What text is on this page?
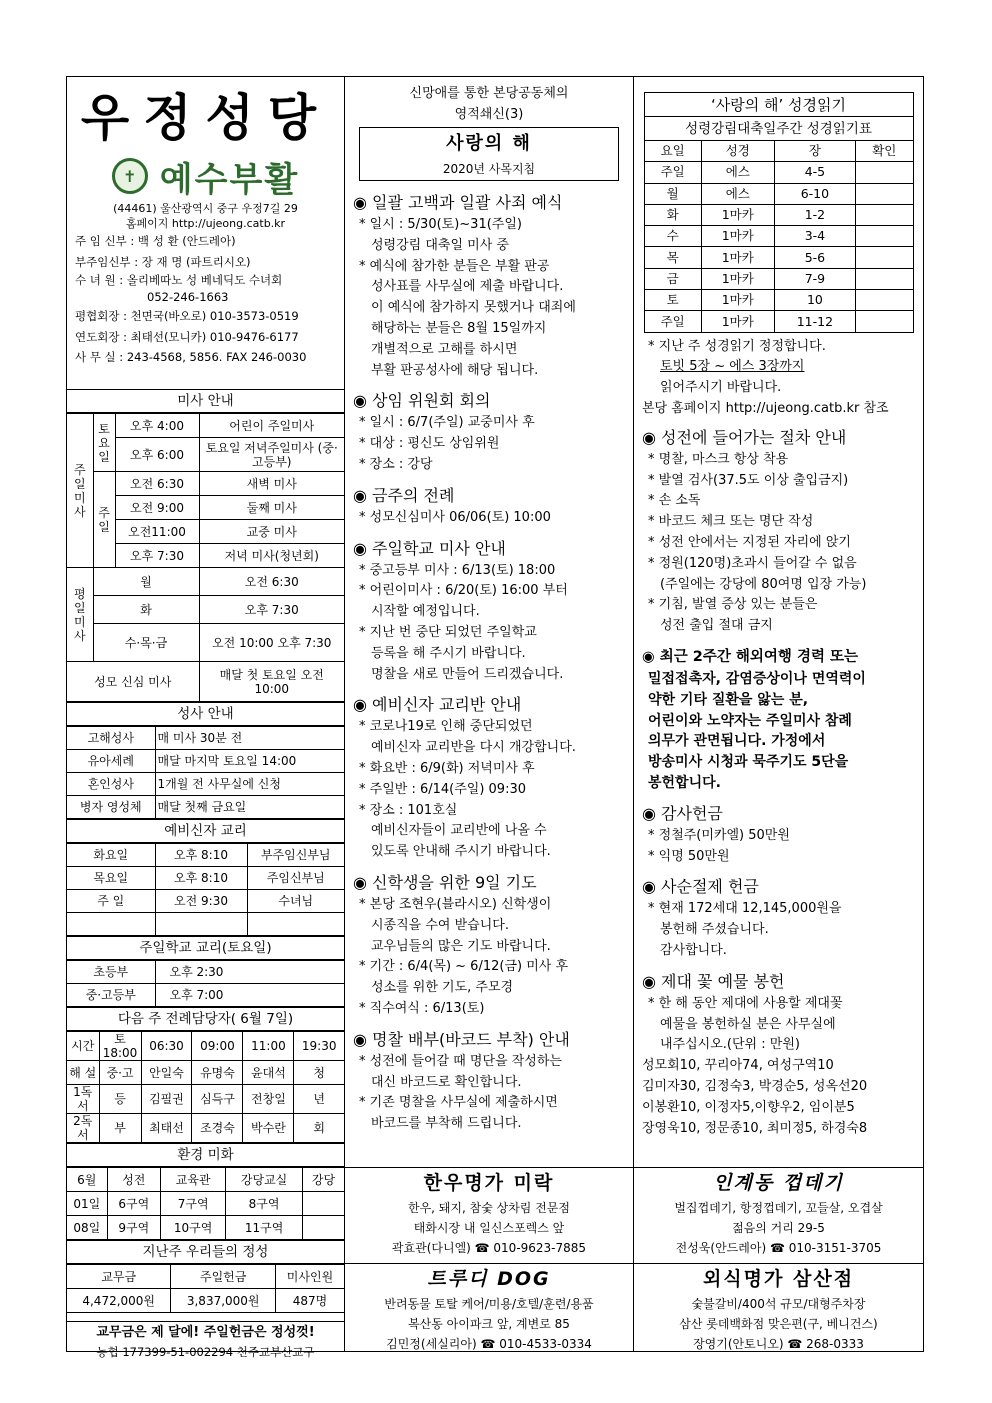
우정성당
✝ 예수부활
(44461) 울산광역시 중구 우정7길 29
홈페이지 http://ujeong.catb.kr
주 임 신부 : 백 성 환 (안드레아)
부주임신부 : 장 재 명 (파트리시오)
수 녀 원 : 올리베따노 성 베네딕도 수녀회
052-246-1663
평협회장 : 천면국(바오로) 010-3573-0519
연도회장 : 최태선(모니카) 010-9476-6177
사 무 실 : 243-4568, 5856. FAX 246-0030
미사 안내
주일미사	토요일	오후 4:00	어린이 주일미사
		오후 6:00	토요일 저녁주일미사 (중·고등부)
	주일	오전 6:30	새벽 미사
		오전 9:00	둘째 미사
		오전11:00	교중 미사
		오후 7:30	저녁 미사(청년회)
평일미사	월		오전 6:30
	화		오후 7:30
	수·목·금		오전 10:00 오후 7:30
성모 신심 미사			매달 첫 토요일 오전 10:00
성사 안내
고해성사	매 미사 30분 전
유아세례	매달 마지막 토요일 14:00
혼인성사	1개월 전 사무실에 신청
병자 영성체	매달 첫째 금요일
예비신자 교리
화요일	오후 8:10	부주임신부님
목요일	오후 8:10	주임신부님
주 일	오전 9:30	수녀님

주일학교 교리(토요일)
초등부	오후 2:30
중·고등부	오후 7:00
다음 주 전례담당자( 6월 7일)
시간	토18:00	06:30	09:00	11:00	19:30
해 설	중·고	안일숙	유명숙	윤대석	청
1독서	등	김필권	심득구	전창일	년
2독서	부	최태선	조경숙	박수란	회
환경 미화
6월	성전	교육관	강당교실	강당
01일	6구역	7구역	8구역	
08일	9구역	10구역	11구역	
지난주 우리들의 정성
교무금	주일헌금	미사인원
4,472,000원	3,837,000원	487명
교무금은 제 달에! 주일헌금은 정성껏!
농협 177399-51-002294 천주교부산교구
신망애를 통한 본당공동체의
영적쇄신(3)
사랑의 해
2020년 사목지침
◉ 일괄 고백과 일괄 사죄 예식
* 일시 : 5/30(토)~31(주일)
성령강림 대축일 미사 중
* 예식에 참가한 분들은 부활 판공
성사표를 사무실에 제출 바랍니다.
이 예식에 참가하지 못했거나 대죄에
해당하는 분들은 8월 15일까지
개별적으로 고해를 하시면
부활 판공성사에 해당 됩니다.
◉ 상임 위원회 회의
* 일시 : 6/7(주일) 교중미사 후
* 대상 : 평신도 상임위원
* 장소 : 강당
◉ 금주의 전례
* 성모신심미사 06/06(토) 10:00
◉ 주일학교 미사 안내
* 중고등부 미사 : 6/13(토) 18:00
* 어린이미사 : 6/20(토) 16:00 부터
시작할 예정입니다.
* 지난 번 중단 되었던 주일학교
등록을 해 주시기 바랍니다.
명찰을 새로 만들어 드리겠습니다.
◉ 예비신자 교리반 안내
* 코로나19로 인해 중단되었던
예비신자 교리반을 다시 개강합니다.
* 화요반 : 6/9(화) 저녁미사 후
* 주일반 : 6/14(주일) 09:30
* 장소 : 101호실
예비신자들이 교리반에 나올 수
있도록 안내해 주시기 바랍니다.
◉ 신학생을 위한 9일 기도
* 본당 조현우(블라시오) 신학생이
시종직을 수여 받습니다.
교우님들의 많은 기도 바랍니다.
* 기간 : 6/4(목) ~ 6/12(금) 미사 후
성소를 위한 기도, 주모경
* 직수여식 : 6/13(토)
◉ 명찰 배부(바코드 부착) 안내
* 성전에 들어갈 때 명단을 작성하는
대신 바코드로 확인합니다.
* 기존 명찰을 사무실에 제출하시면
바코드를 부착해 드립니다.
한우명가 미락
한우, 돼지, 참숯 상차림 전문점
태화시장 내 일신스포렉스 앞
곽효관(다니엘) ☎ 010-9623-7885
트루디 DOG
반려동물 토탈 케어/미용/호텔/훈련/용품
복산동 아이파크 앞, 계변로 85
김민정(세실리아) ☎ 010-4533-0334
‘사랑의 해’ 성경읽기			
성령강림대축일주간 성경읽기표			
요일	성경	장	확인
주일	에스	4-5	
월	에스	6-10	
화	1마카	1-2	
수	1마카	3-4	
목	1마카	5-6	
금	1마카	7-9	
토	1마카	10	
주일	1마카	11-12	
* 지난 주 성경읽기 정정합니다.
토빗 5장 ~ 에스 3장까지
읽어주시기 바랍니다.
본당 홈페이지 http://ujeong.catb.kr 참조
◉ 성전에 들어가는 절차 안내
* 명찰, 마스크 항상 착용
* 발열 검사(37.5도 이상 출입금지)
* 손 소독
* 바코드 체크 또는 명단 작성
* 성전 안에서는 지정된 자리에 앉기
* 정원(120명)초과시 들어갈 수 없음
(주일에는 강당에 80여명 입장 가능)
* 기침, 발열 증상 있는 분들은
성전 출입 절대 금지
◉ 최근 2주간 해외여행 경력 또는
밀접접촉자, 감염증상이나 면역력이
약한 기타 질환을 앓는 분,
어린이와 노약자는 주일미사 참례
의무가 관면됩니다. 가정에서
방송미사 시청과 묵주기도 5단을
봉헌합니다.
◉ 감사헌금
* 정철주(미카엘) 50만원
* 익명 50만원
◉ 사순절제 헌금
* 현재 172세대 12,145,000원을
봉헌해 주셨습니다.
감사합니다.
◉ 제대 꽃 예물 봉헌
* 한 해 동안 제대에 사용할 제대꽃
예물을 봉헌하실 분은 사무실에
내주십시오.(단위 : 만원)
성모회10, 꾸리아74, 여성구역10
김미자30, 김정숙3, 박경순5, 성옥선20
이봉환10, 이정자5,이향우2, 임이분5
장영욱10, 정문종10, 최미정5, 하경숙8
인계동 껍데기
벌집껍데기, 항정껍데기, 꼬들살, 오겹살
젊음의 거리 29-5
전성욱(안드레아) ☎ 010-3151-3705
외식명가 삼산점
숯불갈비/400석 규모/대형주차장
삼산 롯데백화점 맞은편(구, 베니건스)
장영기(안토니오) ☎ 268-0333
